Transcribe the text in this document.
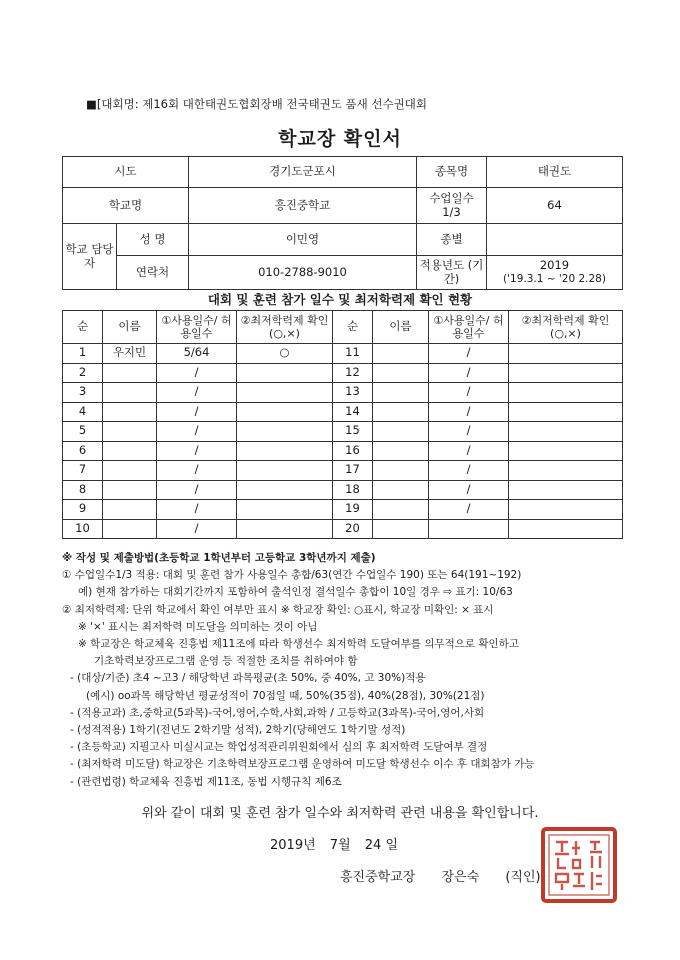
■[대회명: 제16회 대한태권도협회장배 전국태권도 품새 선수권대회
학교장 확인서
시도		경기도군포시	종목명	태권도
학교명		흥진중학교	수업일수 1/3	64
학교 담당자	성 명	이민영	종별	
	연락처	010-2788-9010	적용년도 (기간)	2019
('19.3.1 ~ '20 2.28)
대회 및 훈련 참가 일수 및 최저학력제 확인 현황
순	이름	①사용일수/ 허용일수	②최저학력제 확인(○,×)	순	이름	①사용일수/ 허용일수	②최저학력제 확인(○,×)
1	우지민	5/64	○	11		/	
2		/		12		/	
3		/		13		/	
4		/		14		/	
5		/		15		/	
6		/		16		/	
7		/		17		/	
8		/		18		/	
9		/		19		/	
10		/		20			
※ 작성 및 제출방법(초등학교 1학년부터 고등학교 3학년까지 제출)
① 수업일수1/3 적용: 대회 및 훈련 참가 사용일수 총합/63(연간 수업일수 190) 또는 64(191~192)
예) 현재 참가하는 대회기간까지 포함하여 출석인정 결석일수 총합이 10일 경우 ⇨ 표기: 10/63
② 최저학력제: 단위 학교에서 확인 여부만 표시 ※ 학교장 확인: ○표시, 학교장 미확인: × 표시
※ '×' 표시는 최저학력 미도달을 의미하는 것이 아님
※ 학교장은 학교체육 진흥법 제11조에 따라 학생선수 최저학력 도달여부를 의무적으로 확인하고
기초학력보장프로그램 운영 등 적절한 조치를 취하여야 함
- (대상/기준) 초4 ~고3 / 해당학년 과목평균(초 50%, 중 40%, 고 30%)적용
(예시) oo과목 해당학년 평균성적이 70점일 때, 50%(35점), 40%(28점), 30%(21점)
- (적용교과) 초,중학교(5과목)-국어,영어,수학,사회,과학 / 고등학교(3과목)-국어,영어,사회
- (성적적용) 1학기(전년도 2학기말 성적), 2학기(당해연도 1학기말 성적)
- (초등학교) 지필고사 미실시교는 학업성적관리위원회에서 심의 후 최저학력 도달여부 결정
- (최저학력 미도달) 학교장은 기초학력보장프로그램 운영하여 미도달 학생선수 이수 후 대회참가 가능
- (관련법령) 학교체육 진흥법 제11조, 동법 시행규칙 제6조
위와 같이 대회 및 훈련 참가 일수와 최저학력 관련 내용을 확인합니다.
2019년 7월 24 일
흥진중학교장 장은숙 (직인)
